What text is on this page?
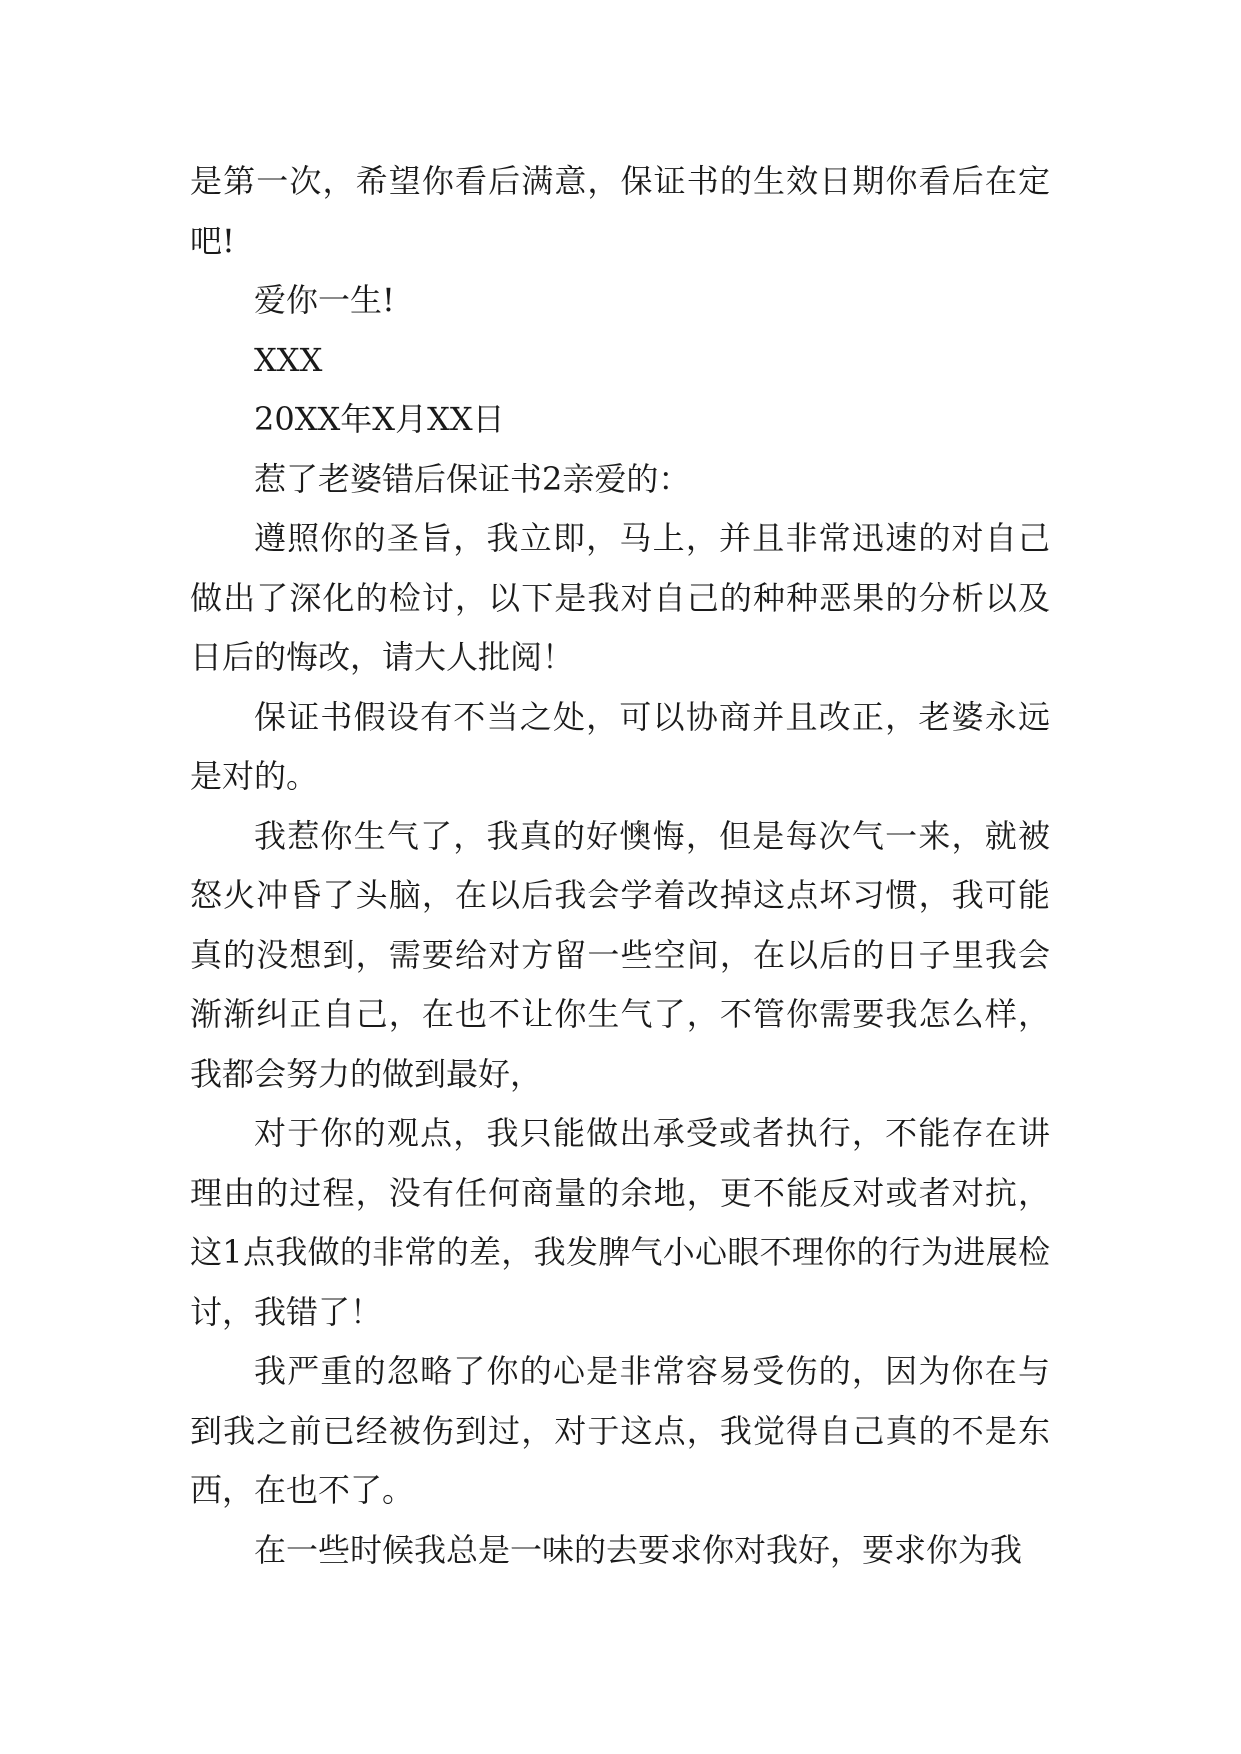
是第一次，希望你看后满意，保证书的生效日期你看后在定吧!

爱你一生!

XXX

20XX年X月XX日

惹了老婆错后保证书2亲爱的：

遵照你的圣旨，我立即，马上，并且非常迅速的对自己做出了深化的检讨，以下是我对自己的种种恶果的分析以及日后的悔改，请大人批阅！

保证书假设有不当之处，可以协商并且改正，老婆永远是对的。

我惹你生气了，我真的好懊悔，但是每次气一来，就被怒火冲昏了头脑，在以后我会学着改掉这点坏习惯，我可能真的没想到，需要给对方留一些空间，在以后的日子里我会渐渐纠正自己，在也不让你生气了，不管你需要我怎么样，我都会努力的做到最好，

对于你的观点，我只能做出承受或者执行，不能存在讲理由的过程，没有任何商量的余地，更不能反对或者对抗，这1点我做的非常的差，我发脾气小心眼不理你的行为进展检讨，我错了！

我严重的忽略了你的心是非常容易受伤的，因为你在与到我之前已经被伤到过，对于这点，我觉得自己真的不是东西，在也不了。

在一些时候我总是一味的去要求你对我好，要求你为我
